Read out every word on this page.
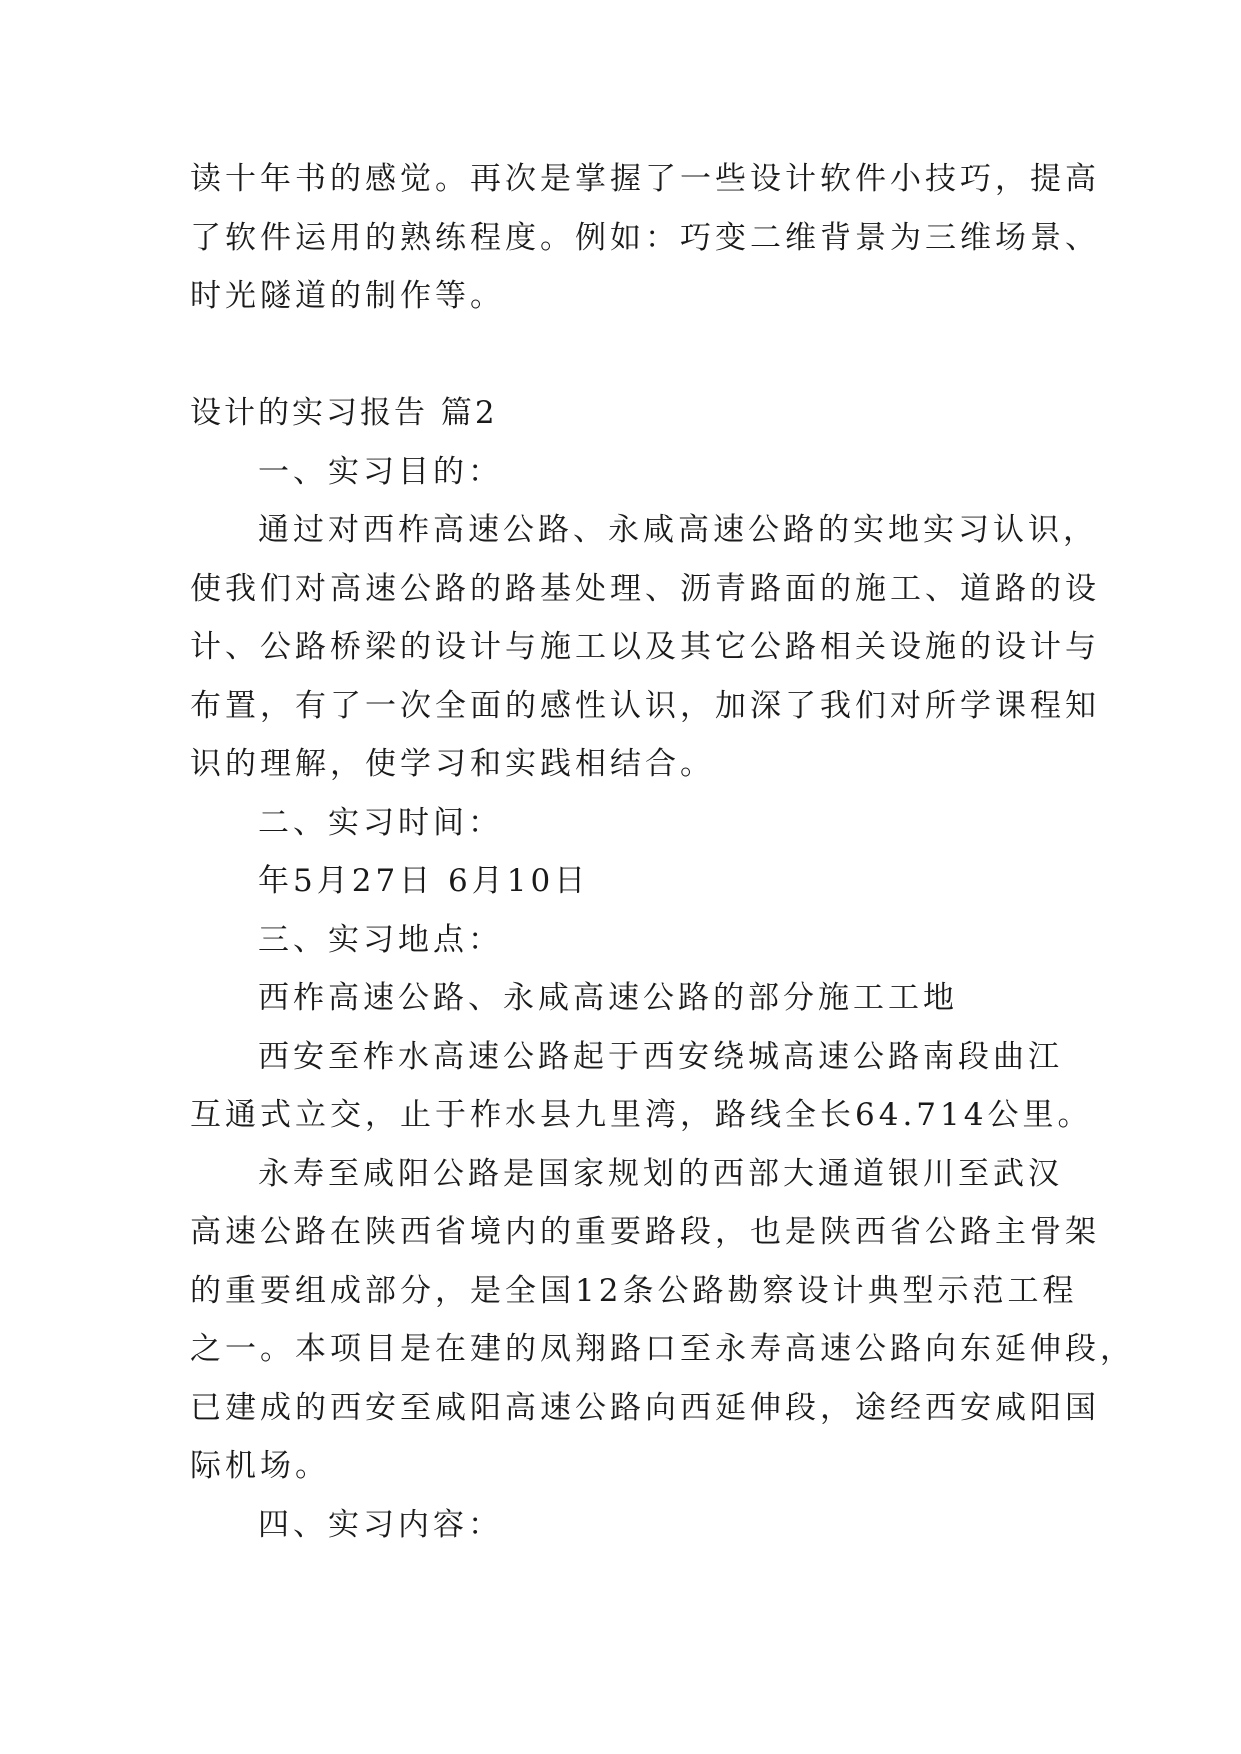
读十年书的感觉。再次是掌握了一些设计软件小技巧，提高
了软件运用的熟练程度。例如：巧变二维背景为三维场景、
时光隧道的制作等。
设计的实习报告 篇2
一、实习目的：
通过对西柞高速公路、永咸高速公路的实地实习认识，
使我们对高速公路的路基处理、沥青路面的施工、道路的设
计、公路桥梁的设计与施工以及其它公路相关设施的设计与
布置，有了一次全面的感性认识，加深了我们对所学课程知
识的理解，使学习和实践相结合。
二、实习时间：
年5月27日 6月10日
三、实习地点：
西柞高速公路、永咸高速公路的部分施工工地
西安至柞水高速公路起于西安绕城高速公路南段曲江
互通式立交，止于柞水县九里湾，路线全长64.714公里。
永寿至咸阳公路是国家规划的西部大通道银川至武汉
高速公路在陕西省境内的重要路段，也是陕西省公路主骨架
的重要组成部分，是全国12条公路勘察设计典型示范工程
之一。本项目是在建的凤翔路口至永寿高速公路向东延伸段，
已建成的西安至咸阳高速公路向西延伸段，途经西安咸阳国
际机场。
四、实习内容：
